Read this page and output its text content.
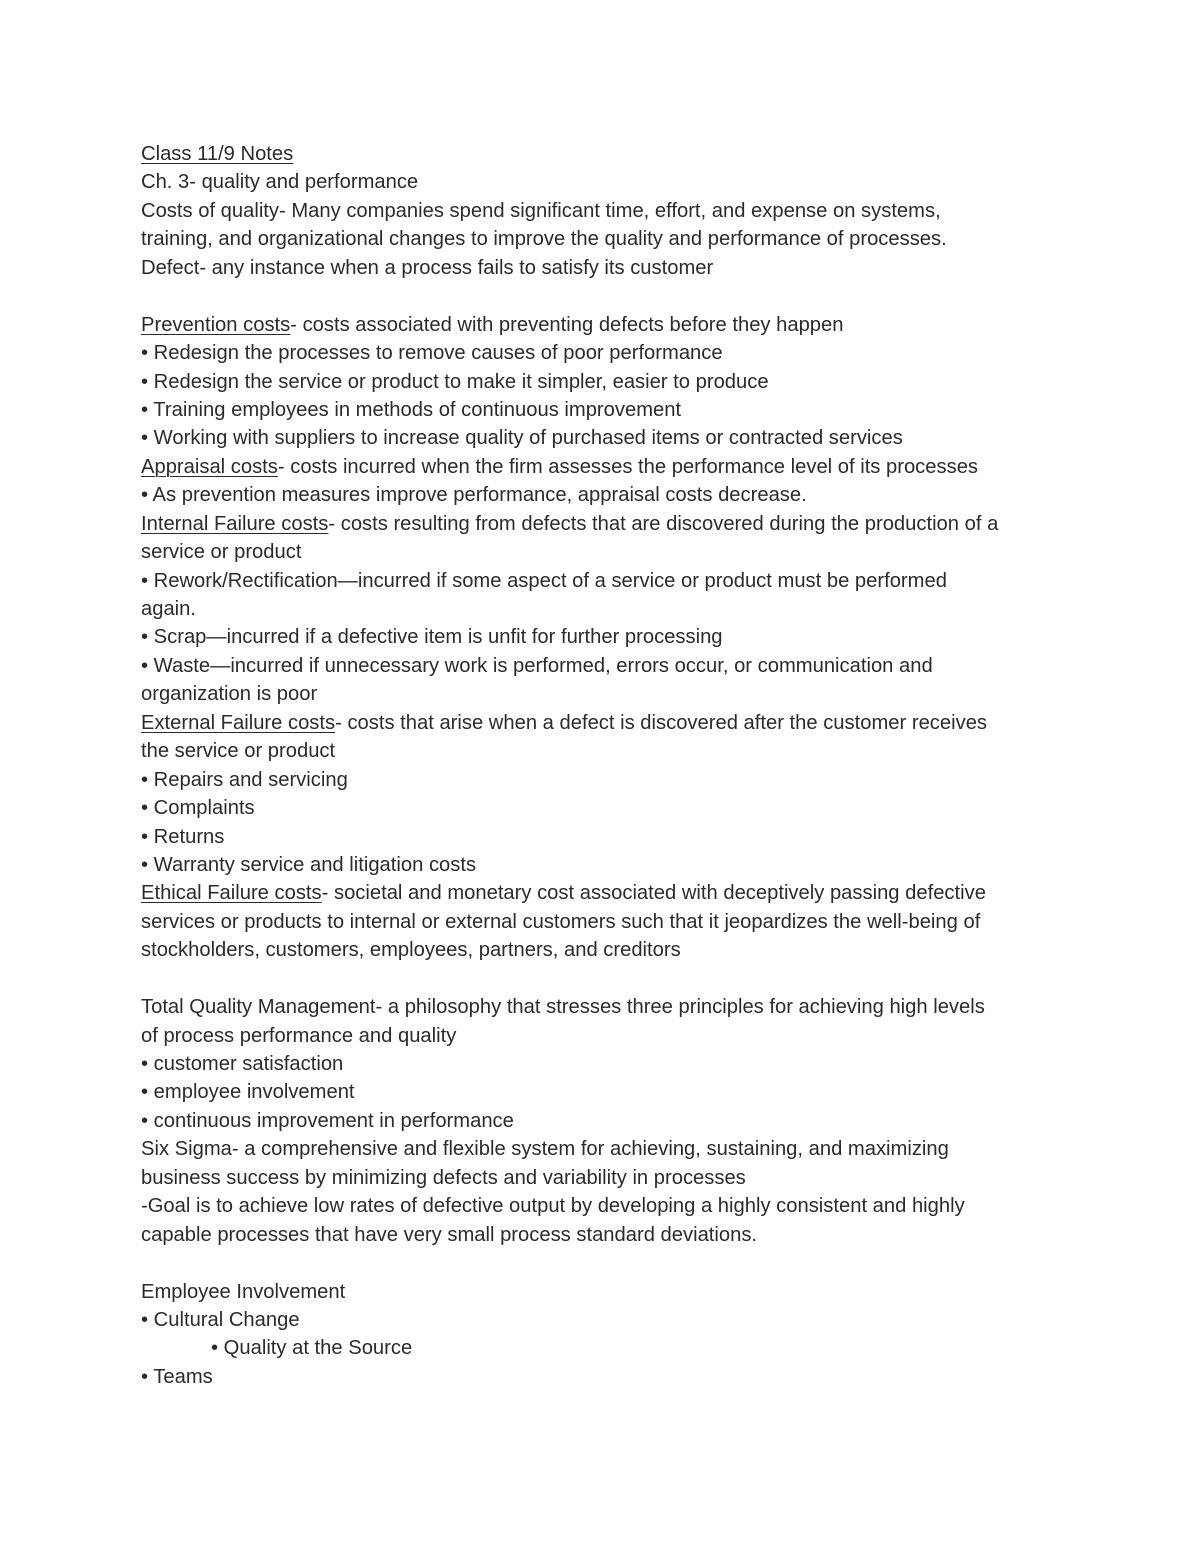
Class 11/9 Notes
Ch. 3- quality and performance
Costs of quality- Many companies spend significant time, effort, and expense on systems,
training, and organizational changes to improve the quality and performance of processes.
Defect- any instance when a process fails to satisfy its customer
Prevention costs- costs associated with preventing defects before they happen
• Redesign the processes to remove causes of poor performance
• Redesign the service or product to make it simpler, easier to produce
• Training employees in methods of continuous improvement
• Working with suppliers to increase quality of purchased items or contracted services
Appraisal costs- costs incurred when the firm assesses the performance level of its processes
• As prevention measures improve performance, appraisal costs decrease.
Internal Failure costs- costs resulting from defects that are discovered during the production of a
service or product
• Rework/Rectification—incurred if some aspect of a service or product must be performed
again.
• Scrap—incurred if a defective item is unfit for further processing
• Waste—incurred if unnecessary work is performed, errors occur, or communication and
organization is poor
External Failure costs- costs that arise when a defect is discovered after the customer receives
the service or product
• Repairs and servicing
• Complaints
• Returns
• Warranty service and litigation costs
Ethical Failure costs- societal and monetary cost associated with deceptively passing defective
services or products to internal or external customers such that it jeopardizes the well-being of
stockholders, customers, employees, partners, and creditors
Total Quality Management- a philosophy that stresses three principles for achieving high levels
of process performance and quality
• customer satisfaction
• employee involvement
• continuous improvement in performance
Six Sigma- a comprehensive and flexible system for achieving, sustaining, and maximizing
business success by minimizing defects and variability in processes
-Goal is to achieve low rates of defective output by developing a highly consistent and highly
capable processes that have very small process standard deviations.
Employee Involvement
• Cultural Change
• Quality at the Source
• Teams
